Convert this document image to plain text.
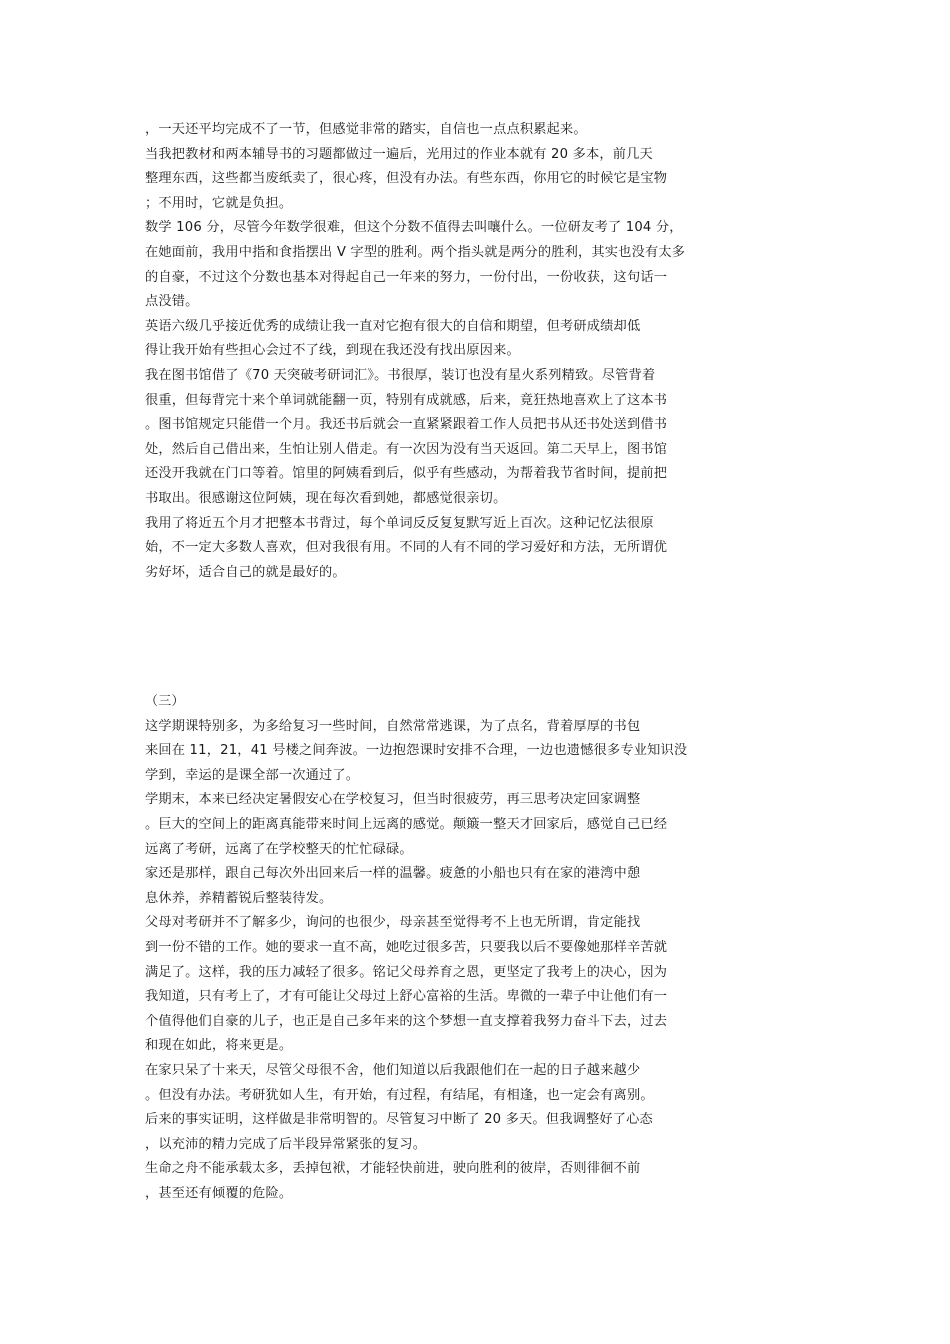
，一天还平均完成不了一节，但感觉非常的踏实，自信也一点点积累起来。
当我把教材和两本辅导书的习题都做过一遍后，光用过的作业本就有 20 多本，前几天
整理东西，这些都当废纸卖了，很心疼，但没有办法。有些东西，你用它的时候它是宝物
；不用时，它就是负担。
数学 106 分，尽管今年数学很难，但这个分数不值得去叫嚷什么。一位研友考了 104 分，
在她面前，我用中指和食指摆出 V 字型的胜利。两个指头就是两分的胜利，其实也没有太多
的自豪，不过这个分数也基本对得起自己一年来的努力，一份付出，一份收获，这句话一
点没错。
英语六级几乎接近优秀的成绩让我一直对它抱有很大的自信和期望，但考研成绩却低
得让我开始有些担心会过不了线，到现在我还没有找出原因来。
我在图书馆借了《70 天突破考研词汇》。书很厚，装订也没有星火系列精致。尽管背着
很重，但每背完十来个单词就能翻一页，特别有成就感，后来，竟狂热地喜欢上了这本书
。图书馆规定只能借一个月。我还书后就会一直紧紧跟着工作人员把书从还书处送到借书
处，然后自己借出来，生怕让别人借走。有一次因为没有当天返回。第二天早上，图书馆
还没开我就在门口等着。馆里的阿姨看到后，似乎有些感动，为帮着我节省时间，提前把
书取出。很感谢这位阿姨，现在每次看到她，都感觉很亲切。
我用了将近五个月才把整本书背过，每个单词反反复复默写近上百次。这种记忆法很原
始，不一定大多数人喜欢，但对我很有用。不同的人有不同的学习爱好和方法，无所谓优
劣好坏，适合自己的就是最好的。
（三）
这学期课特别多，为多给复习一些时间，自然常常逃课，为了点名，背着厚厚的书包
来回在 11，21，41 号楼之间奔波。一边抱怨课时安排不合理，一边也遗憾很多专业知识没
学到，幸运的是课全部一次通过了。
学期末，本来已经决定暑假安心在学校复习，但当时很疲劳，再三思考决定回家调整
。巨大的空间上的距离真能带来时间上远离的感觉。颠簸一整天才回家后，感觉自己已经
远离了考研，远离了在学校整天的忙忙碌碌。
家还是那样，跟自己每次外出回来后一样的温馨。疲惫的小船也只有在家的港湾中憩
息休养，养精蓄锐后整装待发。
父母对考研并不了解多少，询问的也很少，母亲甚至觉得考不上也无所谓，肯定能找
到一份不错的工作。她的要求一直不高，她吃过很多苦，只要我以后不要像她那样辛苦就
满足了。这样，我的压力减轻了很多。铭记父母养育之恩，更坚定了我考上的决心，因为
我知道，只有考上了，才有可能让父母过上舒心富裕的生活。卑微的一辈子中让他们有一
个值得他们自豪的儿子，也正是自己多年来的这个梦想一直支撑着我努力奋斗下去，过去
和现在如此，将来更是。
在家只呆了十来天，尽管父母很不舍，他们知道以后我跟他们在一起的日子越来越少
。但没有办法。考研犹如人生，有开始，有过程，有结尾，有相逢，也一定会有离别。
后来的事实证明，这样做是非常明智的。尽管复习中断了 20 多天。但我调整好了心态
，以充沛的精力完成了后半段异常紧张的复习。
生命之舟不能承载太多，丢掉包袱，才能轻快前进，驶向胜利的彼岸，否则徘徊不前
，甚至还有倾覆的危险。
